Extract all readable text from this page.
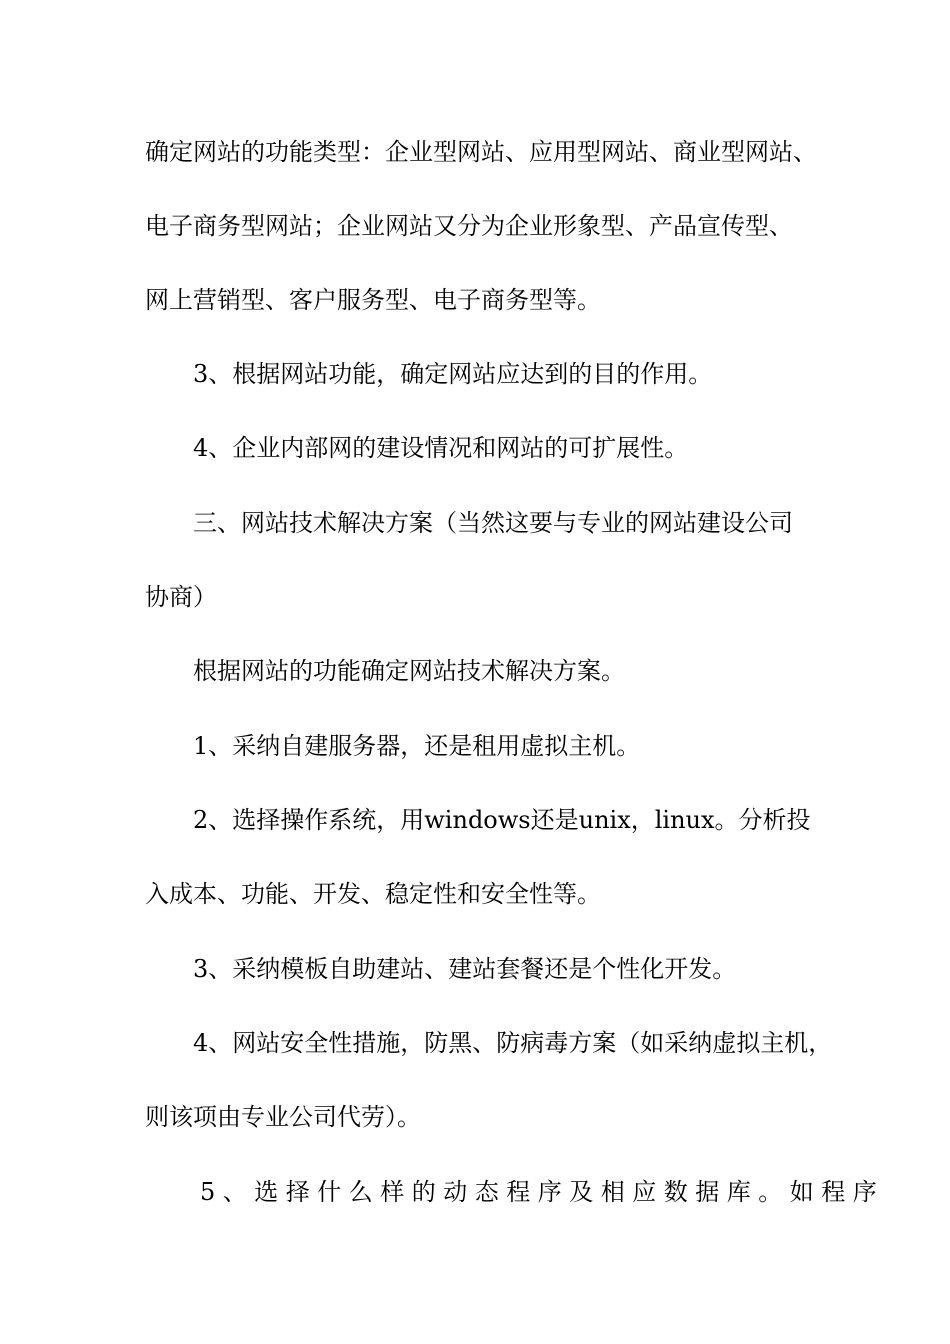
确定网站的功能类型：企业型网站、应用型网站、商业型网站、
电子商务型网站；企业网站又分为企业形象型、产品宣传型、
网上营销型、客户服务型、电子商务型等。
3、根据网站功能，确定网站应达到的目的作用。
4、企业内部网的建设情况和网站的可扩展性。
三、网站技术解决方案（当然这要与专业的网站建设公司
协商）
根据网站的功能确定网站技术解决方案。
1、采纳自建服务器，还是租用虚拟主机。
2、选择操作系统，用windows还是unix，linux。分析投
入成本、功能、开发、稳定性和安全性等。
3、采纳模板自助建站、建站套餐还是个性化开发。
4、网站安全性措施，防黑、防病毒方案（如采纳虚拟主机，
则该项由专业公司代劳）。
5、选择什么样的动态程序及相应数据库。如程序
